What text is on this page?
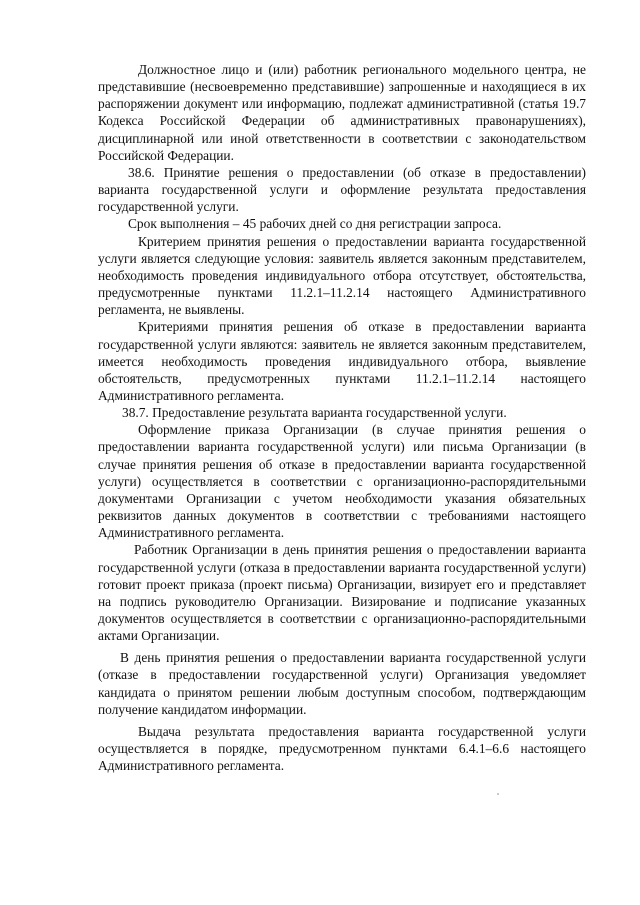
Должностное лицо и (или) работник регионального модельного центра, не представившие (несвоевременно представившие) запрошенные и находящиеся в их распоряжении документ или информацию, подлежат административной (статья 19.7 Кодекса Российской Федерации об административных правонарушениях), дисциплинарной или иной ответственности в соответствии с законодательством Российской Федерации.

38.6. Принятие решения о предоставлении (об отказе в предоставлении) варианта государственной услуги и оформление результата предоставления государственной услуги.

Срок выполнения – 45 рабочих дней со дня регистрации запроса.

Критерием принятия решения о предоставлении варианта государственной услуги является следующие условия: заявитель является законным представителем, необходимость проведения индивидуального отбора отсутствует, обстоятельства, предусмотренные пунктами 11.2.1–11.2.14 настоящего Административного регламента, не выявлены.

Критериями принятия решения об отказе в предоставлении варианта государственной услуги являются: заявитель не является законным представителем, имеется необходимость проведения индивидуального отбора, выявление обстоятельств, предусмотренных пунктами 11.2.1–11.2.14 настоящего Административного регламента.

38.7. Предоставление результата варианта государственной услуги.

Оформление приказа Организации (в случае принятия решения о предоставлении варианта государственной услуги) или письма Организации (в случае принятия решения об отказе в предоставлении варианта государственной услуги) осуществляется в соответствии с организационно-распорядительными документами Организации с учетом необходимости указания обязательных реквизитов данных документов в соответствии с требованиями настоящего Административного регламента.

Работник Организации в день принятия решения о предоставлении варианта государственной услуги (отказа в предоставлении варианта государственной услуги) готовит проект приказа (проект письма) Организации, визирует его и представляет на подпись руководителю Организации. Визирование и подписание указанных документов осуществляется в соответствии с организационно-распорядительными актами Организации.

В день принятия решения о предоставлении варианта государственной услуги (отказе в предоставлении государственной услуги) Организация уведомляет кандидата о принятом решении любым доступным способом, подтверждающим получение кандидатом информации.

Выдача результата предоставления варианта государственной услуги осуществляется в порядке, предусмотренном пунктами 6.4.1–6.6 настоящего Административного регламента.
